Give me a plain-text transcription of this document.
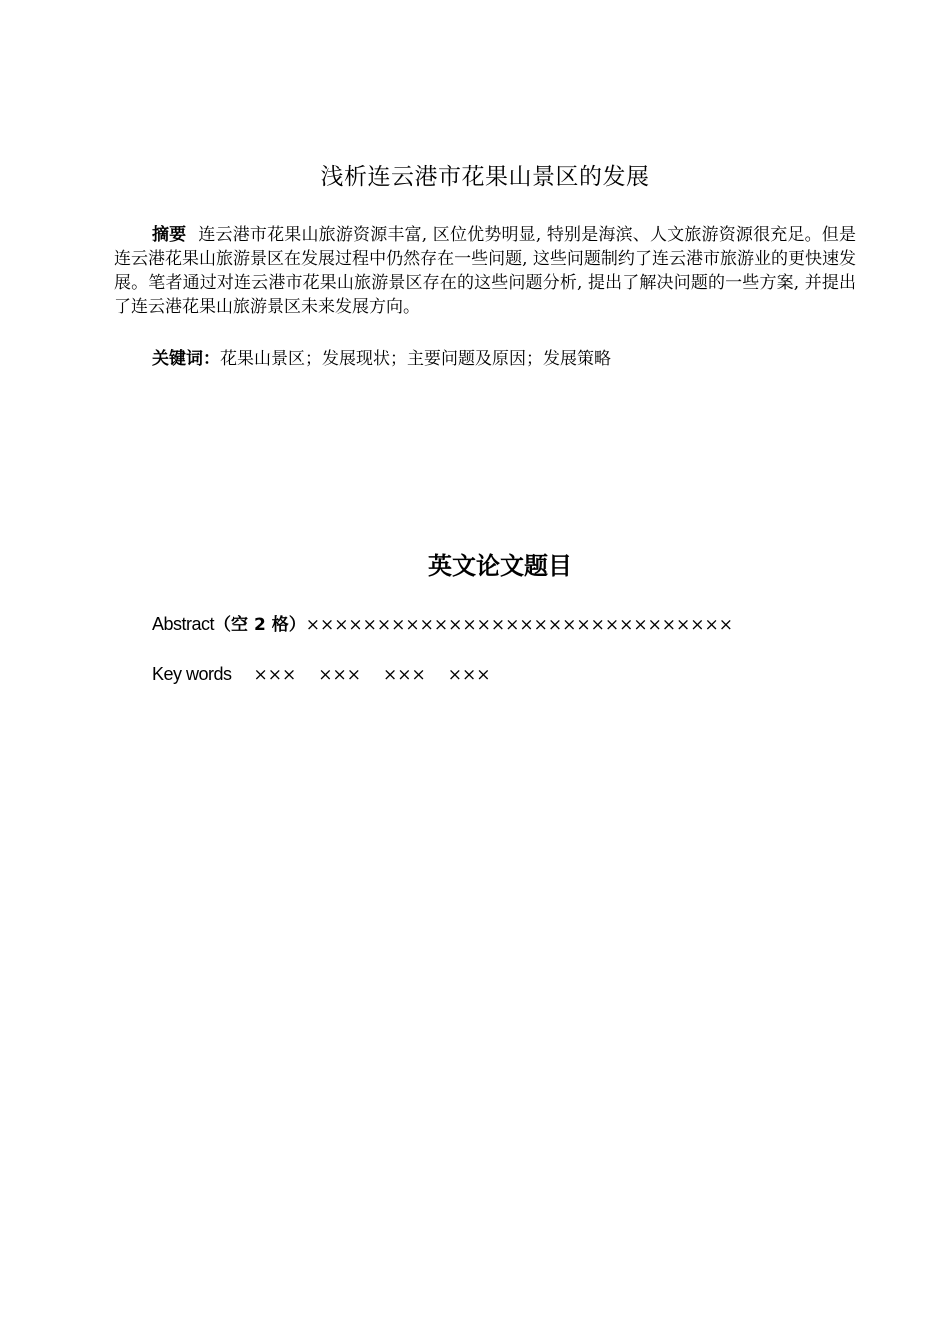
浅析连云港市花果山景区的发展
摘要 连云港市花果山旅游资源丰富, 区位优势明显, 特别是海滨、人文旅游资源很充足。但是连云港花果山旅游景区在发展过程中仍然存在一些问题, 这些问题制约了连云港市旅游业的更快速发展。笔者通过对连云港市花果山旅游景区存在的这些问题分析, 提出了解决问题的一些方案, 并提出了连云港花果山旅游景区未来发展方向。
关键词：花果山景区；发展现状；主要问题及原因；发展策略
英文论文题目
Abstract（空 2 格）××××××××××××××××××××××××××××××
Key words ××× ××× ××× ×××
